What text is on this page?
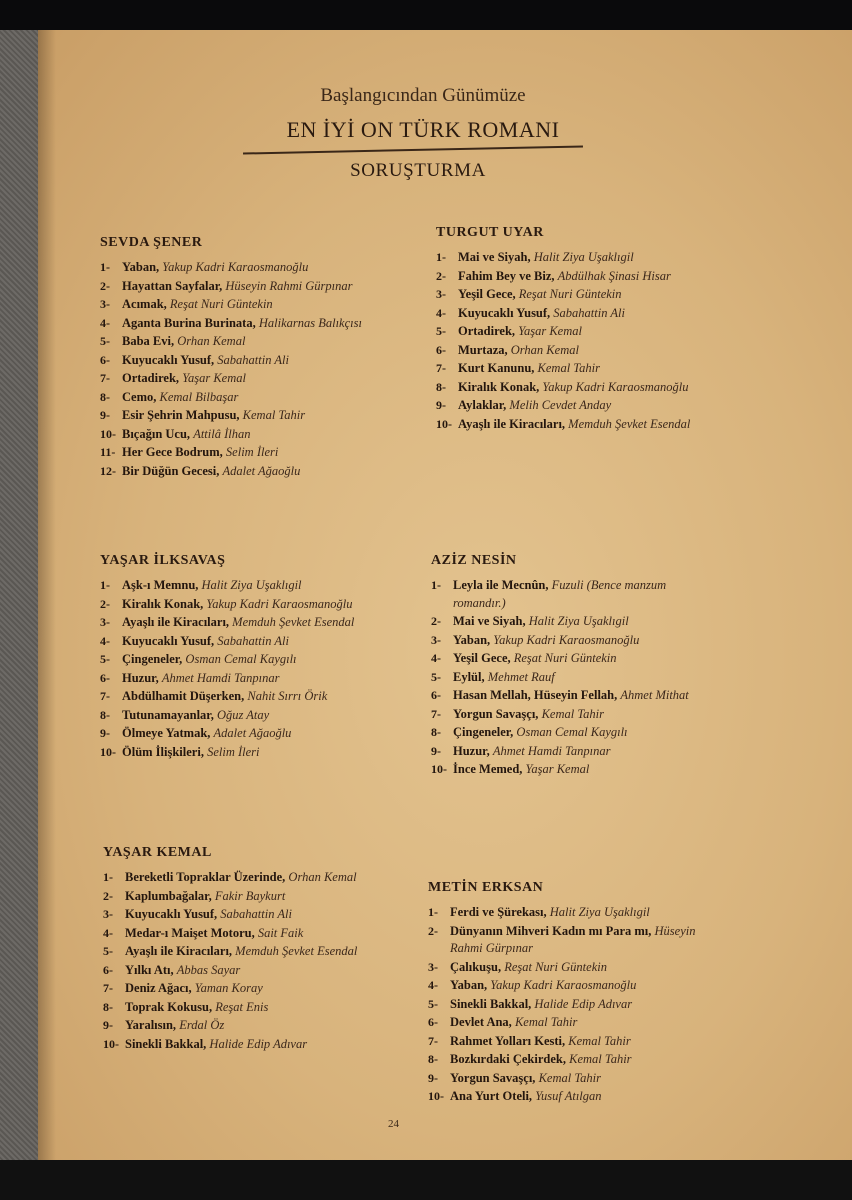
Başlangıcından Günümüze
EN İYİ ON TÜRK ROMANI
SORUŞTURMA
SEVDA ŞENER
1- Yaban, Yakup Kadri Karaosmanoğlu
2- Hayattan Sayfalar, Hüseyin Rahmi Gürpınar
3- Acımak, Reşat Nuri Güntekin
4- Aganta Burina Burinata, Halikarnas Balıkçısı
5- Baba Evi, Orhan Kemal
6- Kuyucaklı Yusuf, Sabahattin Ali
7- Ortadirek, Yaşar Kemal
8- Cemo, Kemal Bilbaşar
9- Esir Şehrin Mahpusu, Kemal Tahir
10- Bıçağın Ucu, Attilâ İlhan
11- Her Gece Bodrum, Selim İleri
12- Bir Düğün Gecesi, Adalet Ağaoğlu
TURGUT UYAR
1- Mai ve Siyah, Halit Ziya Uşaklıgil
2- Fahim Bey ve Biz, Abdülhak Şinasi Hisar
3- Yeşil Gece, Reşat Nuri Güntekin
4- Kuyucaklı Yusuf, Sabahattin Ali
5- Ortadirek, Yaşar Kemal
6- Murtaza, Orhan Kemal
7- Kurt Kanunu, Kemal Tahir
8- Kiralık Konak, Yakup Kadri Karaosmanoğlu
9- Aylaklar, Melih Cevdet Anday
10- Ayaşlı ile Kiracıları, Memduh Şevket Esendal
YAŞAR İLKSAVAŞ
1- Aşk-ı Memnu, Halit Ziya Uşaklıgil
2- Kiralık Konak, Yakup Kadri Karaosmanoğlu
3- Ayaşlı ile Kiracıları, Memduh Şevket Esendal
4- Kuyucaklı Yusuf, Sabahattin Ali
5- Çingeneler, Osman Cemal Kaygılı
6- Huzur, Ahmet Hamdi Tanpınar
7- Abdülhamit Düşerken, Nahit Sırrı Örik
8- Tutunamayanlar, Oğuz Atay
9- Ölmeye Yatmak, Adalet Ağaoğlu
10- Ölüm İlişkileri, Selim İleri
AZİZ NESİN
1- Leyla ile Mecnûn, Fuzuli (Bence manzum romandır.)
2- Mai ve Siyah, Halit Ziya Uşaklıgil
3- Yaban, Yakup Kadri Karaosmanoğlu
4- Yeşil Gece, Reşat Nuri Güntekin
5- Eylül, Mehmet Rauf
6- Hasan Mellah, Hüseyin Fellah, Ahmet Mithat
7- Yorgun Savaşçı, Kemal Tahir
8- Çingeneler, Osman Cemal Kaygılı
9- Huzur, Ahmet Hamdi Tanpınar
10- İnce Memed, Yaşar Kemal
YAŞAR KEMAL
1- Bereketli Topraklar Üzerinde, Orhan Kemal
2- Kaplumbağalar, Fakir Baykurt
3- Kuyucaklı Yusuf, Sabahattin Ali
4- Medar-ı Maişet Motoru, Sait Faik
5- Ayaşlı ile Kiracıları, Memduh Şevket Esendal
6- Yılkı Atı, Abbas Sayar
7- Deniz Ağacı, Yaman Koray
8- Toprak Kokusu, Reşat Enis
9- Yaralısın, Erdal Öz
10- Sinekli Bakkal, Halide Edip Adıvar
METİN ERKSAN
1- Ferdi ve Şürekası, Halit Ziya Uşaklıgil
2- Dünyanın Mihveri Kadın mı Para mı, Hüseyin Rahmi Gürpınar
3- Çalıkuşu, Reşat Nuri Güntekin
4- Yaban, Yakup Kadri Karaosmanoğlu
5- Sinekli Bakkal, Halide Edip Adıvar
6- Devlet Ana, Kemal Tahir
7- Rahmet Yolları Kesti, Kemal Tahir
8- Bozkırdaki Çekirdek, Kemal Tahir
9- Yorgun Savaşçı, Kemal Tahir
10- Ana Yurt Oteli, Yusuf Atılgan
24
